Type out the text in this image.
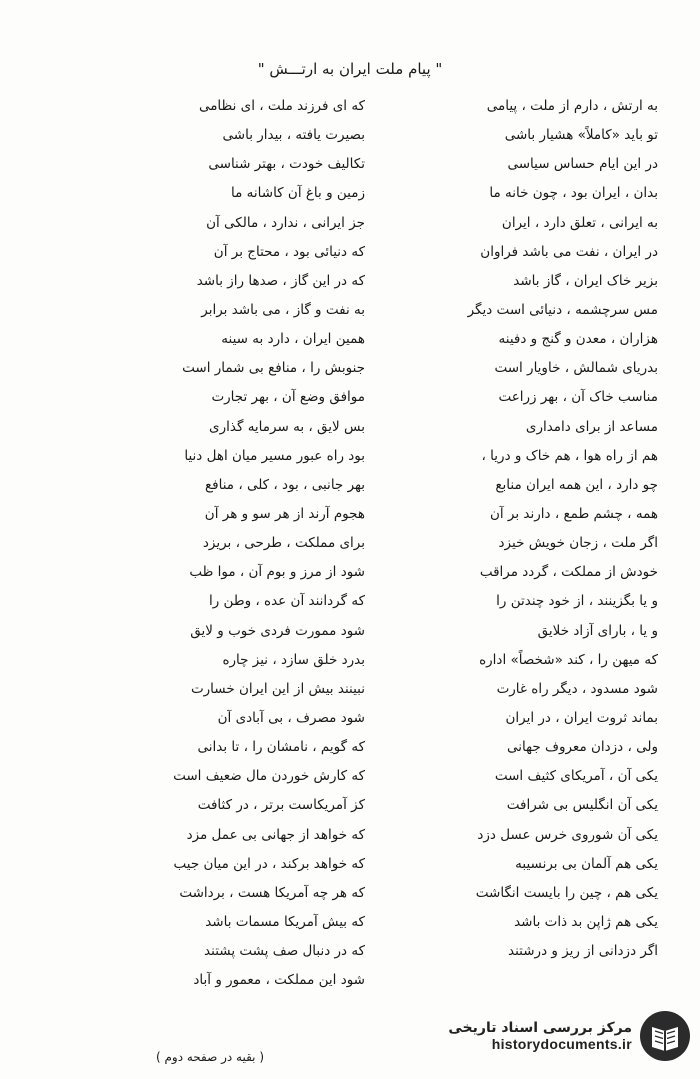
" پیام ملت ایران به ارتـــش "
به ارتش ، دارم از ملت ، پیامی
تو باید «کاملاً» هشیار باشی
در این ایام حساس سیاسی
بدان ، ایران بود ، چون خانه ما
به ایرانی ، تعلق دارد ، ایران
در ایران ، نفت می باشد فراوان
بزیر خاک ایران ، گاز باشد
مس سرچشمه ، دنیائی است دیگر
هزاران ، معدن و گنج و دفینه
بدریای شمالش ، خاویار است
مناسب خاک آن ، بهر زراعت
مساعد از برای دامداری
هم از راه هوا ، هم خاک و دریا ،
چو دارد ، این همه ایران منابع
همه ، چشم طمع ، دارند بر آن
اگر ملت ، زجان خویش خیزد
خودش از مملکت ، گردد مراقب
و یا بگزینند ، از خود چندتن را
و یا ، بارای آزاد خلایق
که میهن را ، کند «شخصاً» اداره
شود مسدود ، دیگر راه غارت
بماند ثروت ایران ، در ایران
ولی ، دزدان معروف جهانی
یکی آن ، آمریکای کثیف است
یکی آن انگلیس بی شرافت
یکی آن شوروی خرس عسل دزد
یکی هم آلمان بی برنسیبه
یکی هم ، چین را بایست انگاشت
یکی هم ژاپن بد ذات باشد
اگر دزدانی از ریز و درشتند
که ای فرزند ملت ، ای نظامی
بصیرت یافته ، بیدار باشی
تکالیف خودت ، بهتر شناسی
زمین و باغ آن کاشانه ما
جز ایرانی ، ندارد ، مالکی آن
که دنیائی بود ، محتاج بر آن
که در این گاز ، صدها راز باشد
به نفت و گاز ، می باشد برابر
همین ایران ، دارد به سینه
جنوبش را ، منافع بی شمار است
موافق وضع آن ، بهر تجارت
بس لایق ، به سرمایه گذاری
بود راه عبور مسیر میان اهل دنیا
بهر جانبی ، بود ، کلی ، منافع
هجوم آرند از هر سو و هر آن
برای مملکت ، طرحی ، بریزد
شود از مرز و بوم آن ، موا ظب
که گردانند آن عده ، وطن را
شود ممورت فردی خوب و لایق
بدرد خلق سازد ، نیز چاره
نبینند بیش از این ایران خسارت
شود مصرف ، بی آبادی آن
که گویم ، نامشان را ، تا بدانی
که کارش خوردن مال ضعیف است
کز آمریکاست برتر ، در کثافت
که خواهد از جهانی بی عمل مزد
که خواهد برکند ، در این میان جیب
که هر چه آمریکا هست ، برداشت
که بیش آمریکا مسمات باشد
که در دنبال صف پشت پشتند
شود این مملکت ، معمور و آباد
( بقیه در صفحه دوم )
مرکز بررسی اسناد تاریخی
historydocuments.ir
